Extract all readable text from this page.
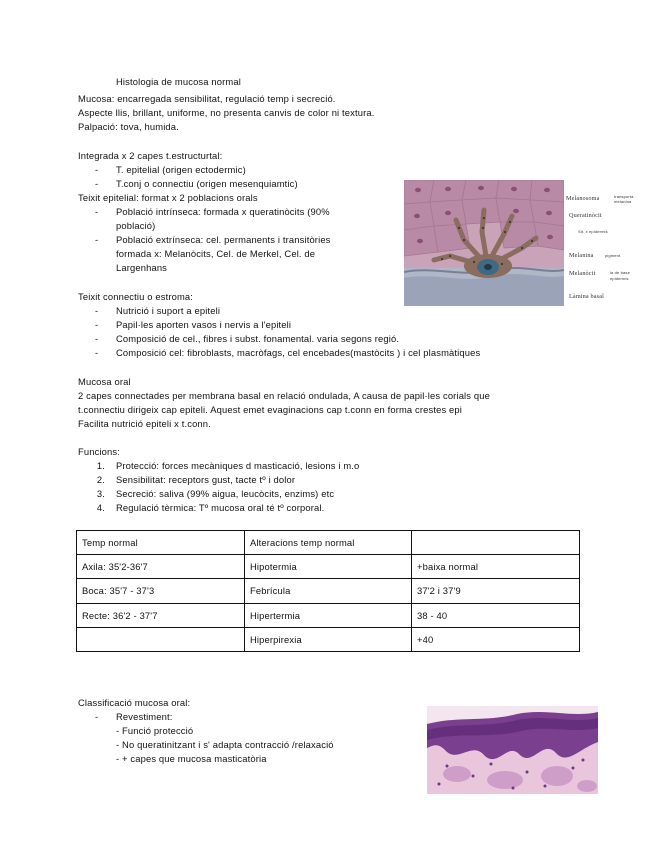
Histologia de mucosa normal
Mucosa: encarregada sensibilitat, regulació temp i secreció.
Aspecte llis, brillant, uniforme, no presenta canvis de color ni textura.
Palpació: tova, humida.
Integrada x 2 capes t.estructurtal:
-	T. epitelial (origen ectodermic)
-	T.conj o connectiu (origen mesenquiamtic)
Teixit epitelial: format x 2 poblacions orals
-	Població intrínseca: formada x queratinòcits (90%
població)
-	Població extrínseca: cel. permanents i transitòries
formada x: Melanòcits, Cel. de Merkel, Cel. de
Largenhans
Teixit connectiu o estroma:
-	Nutrició i suport a epiteli
-	Papil·les aporten vasos i nervis a l'epiteli
-	Composició de cel., fibres i subst. fonamental. varia segons regió.
-	Composició cel: fibroblasts, macròfags, cel encebades(mastòcits ) i cel plasmàtiques
Mucosa oral
2 capes connectades per membrana basal en relació ondulada, A causa de papil·les corials que
t.connectiu dirigeix cap epiteli. Aquest emet evaginacions cap t.conn en forma crestes epi
Facilita nutrició epiteli x t.conn.
Funcions:
1. Protecció: forces mecàniques d masticació, lesions i m.o
2. Sensibilitat: receptors gust, tacte tº i dolor
3. Secreció: saliva (99% aigua, leucòcits, enzims) etc
4. Regulació tèrmica: Tº mucosa oral té tº corporal.
Temp normal	Alteracions temp normal	
Axila: 35'2-36'7	Hipotermia	+baixa normal
Boca: 35'7 - 37'3	Febrícula	37'2 i 37'9
Recte: 36'2 - 37'7	Hipertermia	38 - 40
	Hiperpirexia	+40
Classificació mucosa oral:
-	Revestiment:
- Funció protecció
- No queratinitzant i s' adapta contracció /relaxació
- + capes que mucosa masticatòria
Melanosoma	transporta
melanina
Queratinòcit
Sit. x epidermis
Melanina	pigment
Melanòcit	la de base
epidermis
Làmina basal
